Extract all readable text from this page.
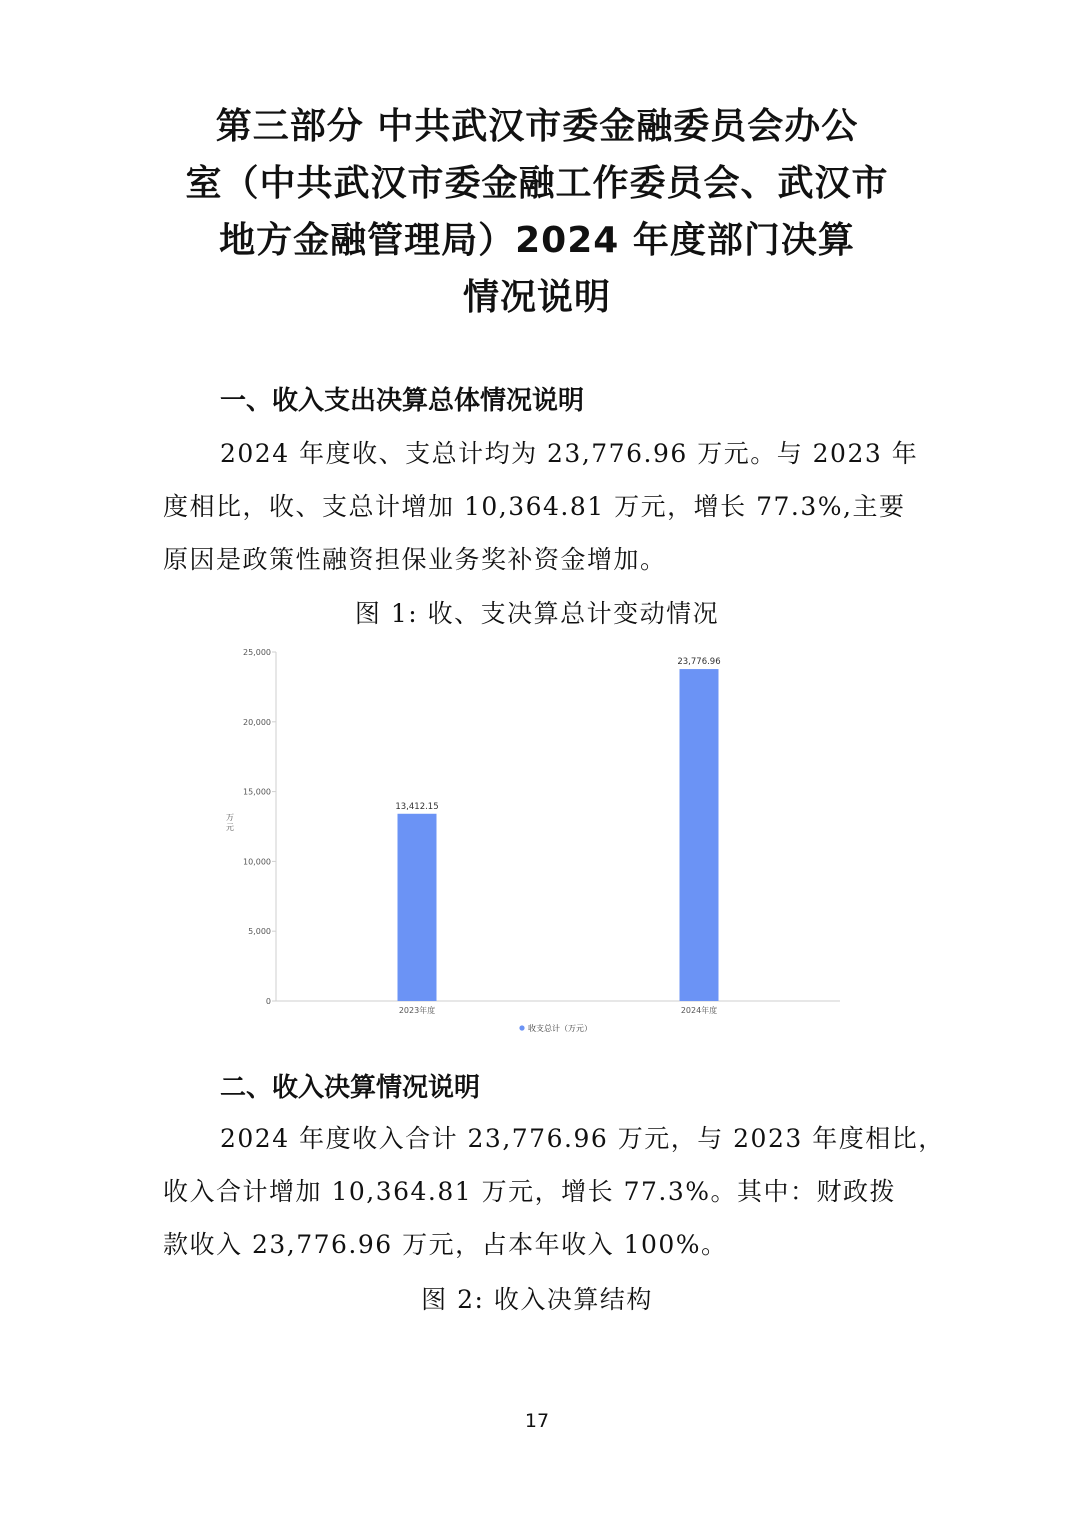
第三部分 中共武汉市委金融委员会办公
室（中共武汉市委金融工作委员会、武汉市
地方金融管理局）2024 年度部门决算
情况说明
一、收入支出决算总体情况说明
2024 年度收、支总计均为 23,776.96 万元。与 2023 年
度相比，收、支总计增加 10,364.81 万元，增长 77.3%,主要
原因是政策性融资担保业务奖补资金增加。
图 1: 收、支决算总计变动情况
0
5,000
10,000
15,000
20,000
25,000
万
元
13,412.15
2023年度
23,776.96
2024年度
收支总计（万元）
二、收入决算情况说明
2024 年度收入合计 23,776.96 万元，与 2023 年度相比，
收入合计增加 10,364.81 万元，增长 77.3%。其中：财政拨
款收入 23,776.96 万元，占本年收入 100%。
图 2: 收入决算结构
17
